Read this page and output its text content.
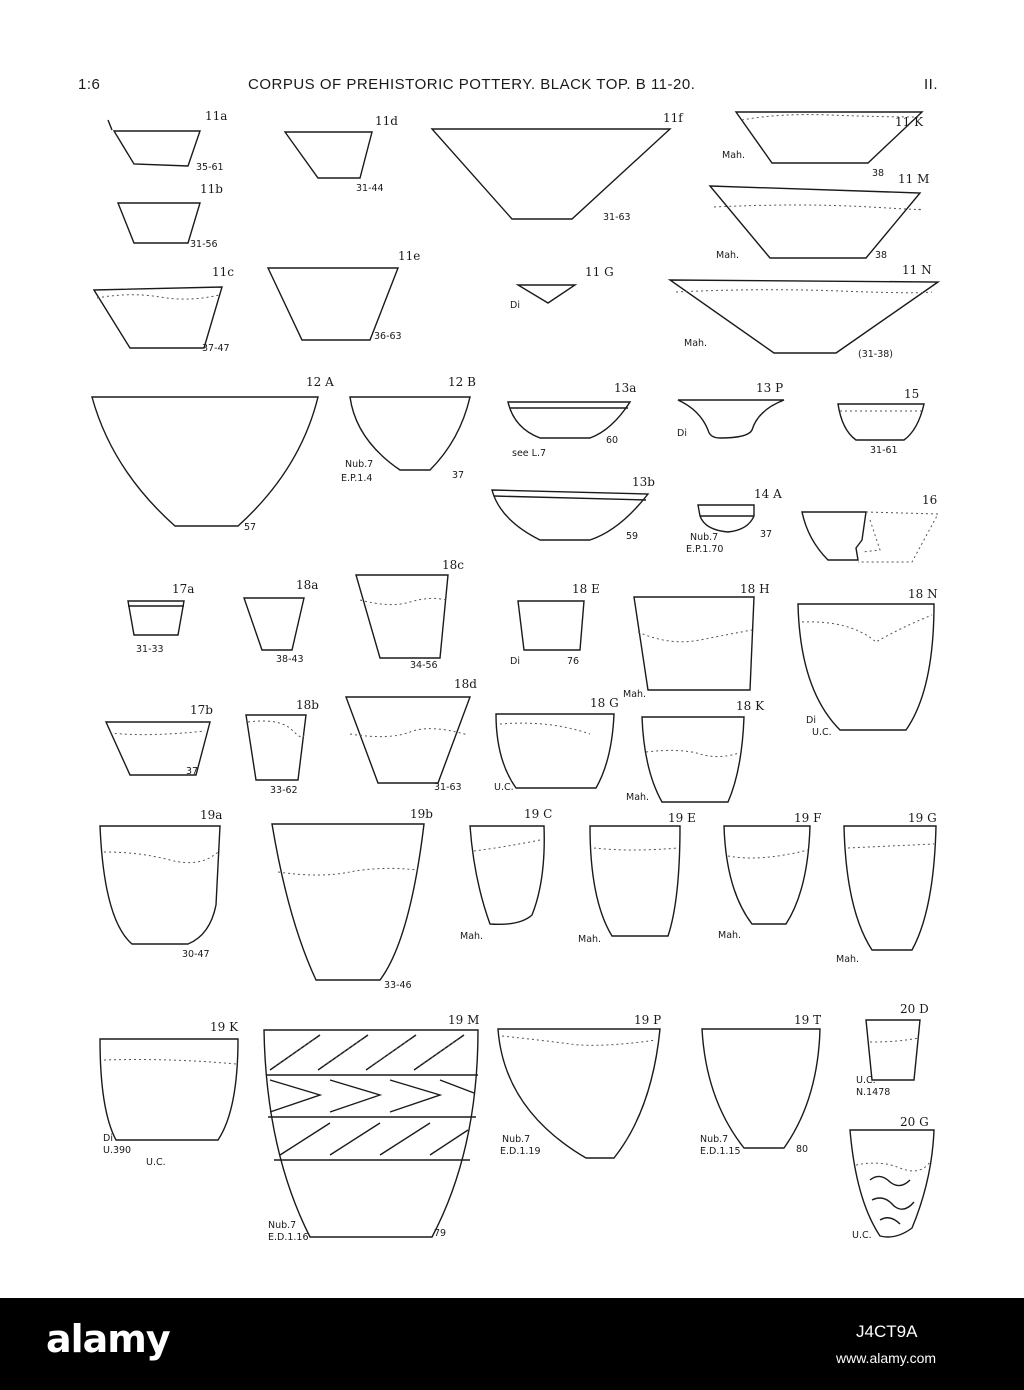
1:6	CORPUS OF PREHISTORIC POTTERY. BLACK TOP. B 11-20.	II.
11a
35-61
11d
31-44
11f
31-63
11 K
Mah.
38
11b
31-56
11 M
Mah.	38
11c
37-47
11e
36-63
11 G
Di
11 N
Mah.
(31-38)
12 A
57
12 B
Nub.7
E.P.1.4	37
13a
see L.7
60
13 P
Di
15
31-61
13b
59
14 A
Nub.7
E.P.1.70
37
16
17a
31-33
18a
38-43
18c
34-56
18 E
Di	76
18 H
Mah.
18 N
Di
U.C.
17b
37
18b
33-62
18d
31-63
18 G
U.C.
18 K
Mah.
19a
30-47
19b
33-46
19 C
Mah.
19 E
Mah.
19 F
Mah.
19 G
Mah.
19 K
Di
U.390
U.C.
19 M
Nub.7
E.D.1.16	79
19 P
Nub.7
E.D.1.19
19 T
Nub.7
E.D.1.15	80
20 D
U.C.
N.1478
20 G
U.C.
alamy	J4CT9A
www.alamy.com
